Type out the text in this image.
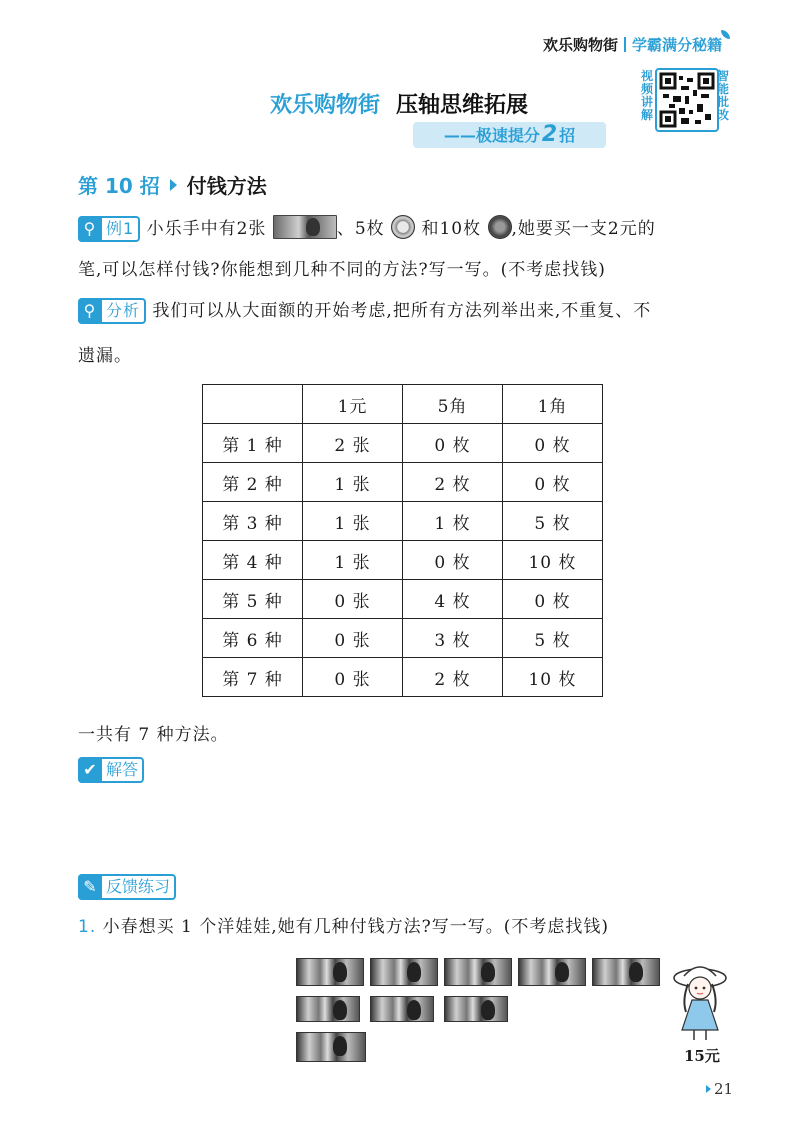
欢乐购物街 学霸满分秘籍
欢乐购物街 压轴思维拓展
——极速提分2 招
视频讲解
智能批改
第 10 招 付钱方法
⚲ 例1 小乐手中有2张	、5枚 和10枚 ,她要买一支2元的
笔,可以怎样付钱?你能想到几种不同的方法?写一写。(不考虑找钱)
⚲ 分析 我们可以从大面额的开始考虑,把所有方法列举出来,不重复、不
遗漏。
	1元	5角	1角
第 1 种	2 张	0 枚	0 枚
第 2 种	1 张	2 枚	0 枚
第 3 种	1 张	1 枚	5 枚
第 4 种	1 张	0 枚	10 枚
第 5 种	0 张	4 枚	0 枚
第 6 种	0 张	3 枚	5 枚
第 7 种	0 张	2 枚	10 枚
一共有 7 种方法。
✔ 解答
✎ 反馈练习
1. 小春想买 1 个洋娃娃,她有几种付钱方法?写一写。(不考虑找钱)
15元
21
